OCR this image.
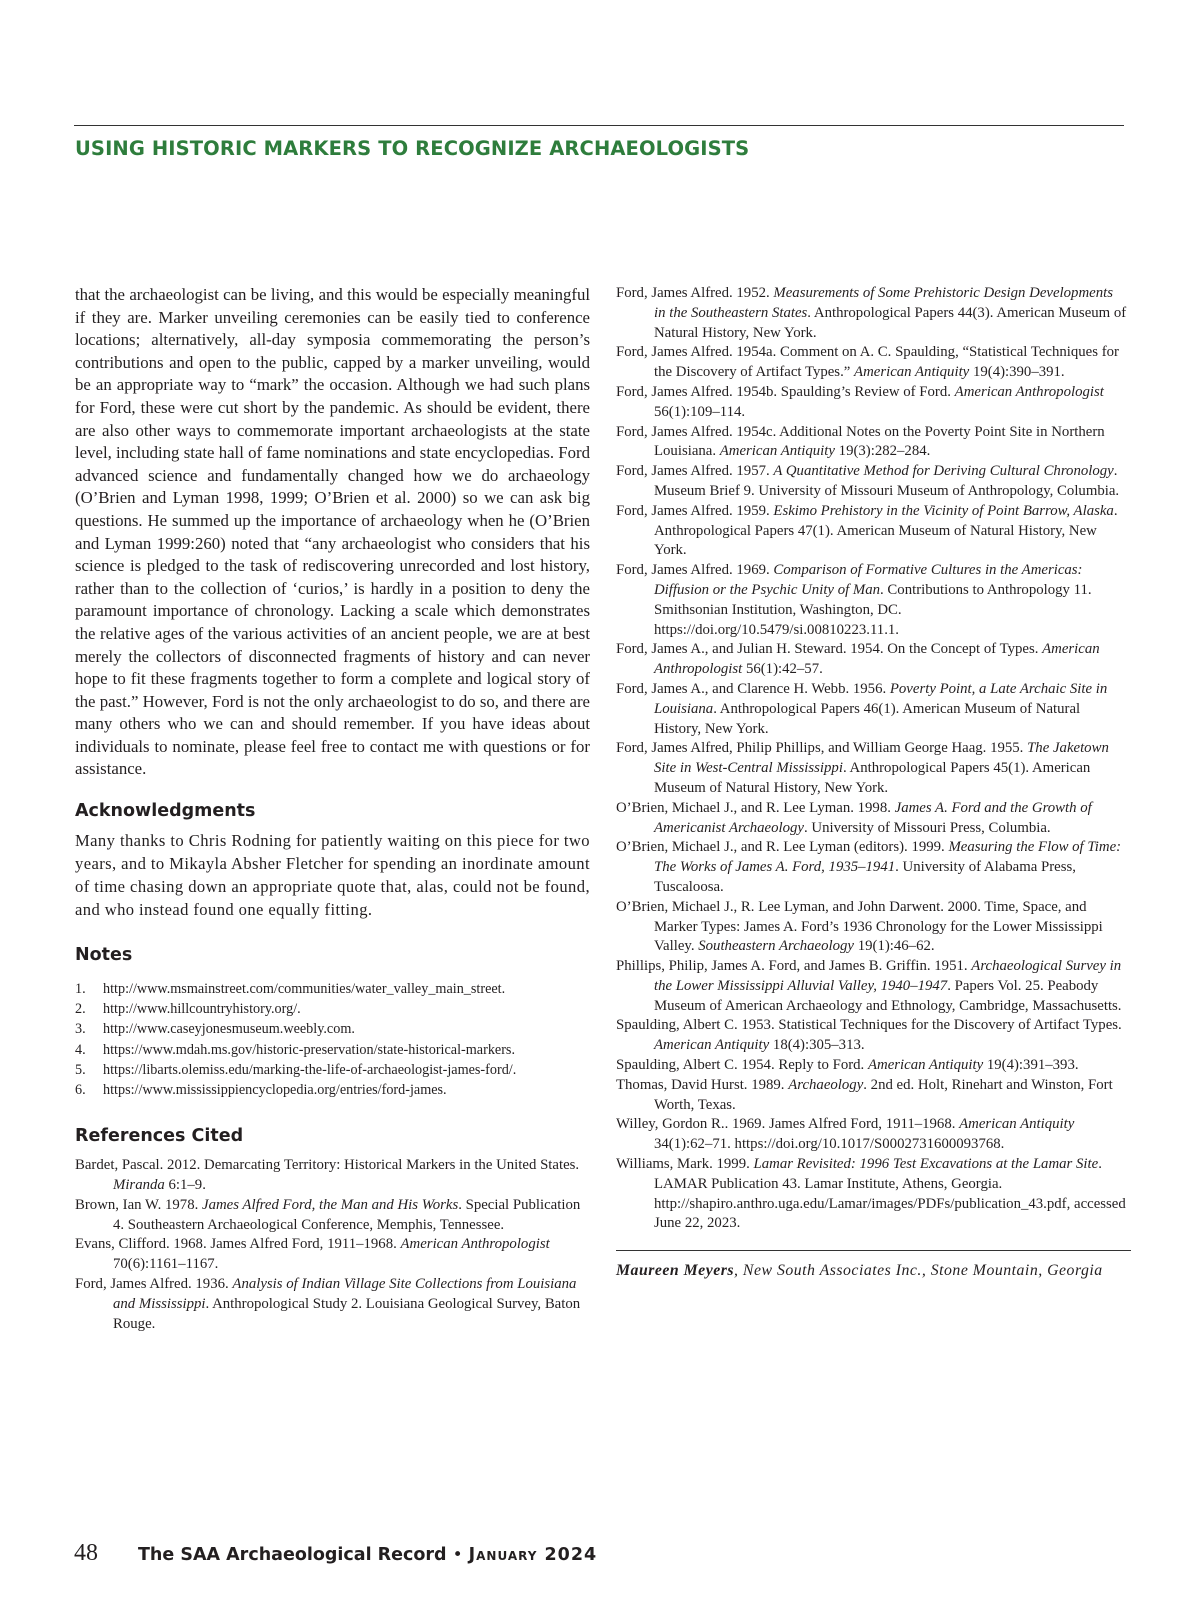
USING HISTORIC MARKERS TO RECOGNIZE ARCHAEOLOGISTS

that the archaeologist can be living, and this would be especially meaningful if they are. Marker unveiling ceremonies can be easily tied to conference locations; alternatively, all-day symposia commemorating the person’s contributions and open to the public, capped by a marker unveiling, would be an appropriate way to “mark” the occasion. Although we had such plans for Ford, these were cut short by the pandemic. As should be evident, there are also other ways to commemorate important archaeologists at the state level, including state hall of fame nominations and state encyclopedias. Ford advanced science and fundamentally changed how we do archaeology (O’Brien and Lyman 1998, 1999; O’Brien et al. 2000) so we can ask big questions. He summed up the importance of archaeology when he (O’Brien and Lyman 1999:260) noted that “any archaeologist who considers that his science is pledged to the task of rediscovering unrecorded and lost history, rather than to the collection of ‘curios,’ is hardly in a position to deny the paramount importance of chronology. Lacking a scale which demonstrates the relative ages of the various activities of an ancient people, we are at best merely the collectors of disconnected fragments of history and can never hope to fit these fragments together to form a complete and logical story of the past.” However, Ford is not the only archaeologist to do so, and there are many others who we can and should remember. If you have ideas about individuals to nominate, please feel free to contact me with questions or for assistance.

Acknowledgments

Many thanks to Chris Rodning for patiently waiting on this piece for two years, and to Mikayla Absher Fletcher for spending an inordinate amount of time chasing down an appropriate quote that, alas, could not be found, and who instead found one equally fitting.

Notes
1. http://www.msmainstreet.com/communities/water_valley_main_street.
2. http://www.hillcountryhistory.org/.
3. http://www.caseyjonesmuseum.weebly.com.
4. https://www.mdah.ms.gov/historic-preservation/state-historical-markers.
5. https://libarts.olemiss.edu/marking-the-life-of-archaeologist-james-ford/.
6. https://www.mississippiencyclopedia.org/entries/ford-james.
References Cited
Bardet, Pascal. 2012. Demarcating Territory: Historical Markers in the United States. Miranda 6:1–9.
Brown, Ian W. 1978. James Alfred Ford, the Man and His Works. Special Publication 4. Southeastern Archaeological Conference, Memphis, Tennessee.
Evans, Clifford. 1968. James Alfred Ford, 1911–1968. American Anthropologist 70(6):1161–1167.
Ford, James Alfred. 1936. Analysis of Indian Village Site Collections from Louisiana and Mississippi. Anthropological Study 2. Louisiana Geological Survey, Baton Rouge.
Ford, James Alfred. 1952. Measurements of Some Prehistoric Design Developments in the Southeastern States. Anthropological Papers 44(3). American Museum of Natural History, New York.
Ford, James Alfred. 1954a. Comment on A. C. Spaulding, “Statistical Techniques for the Discovery of Artifact Types.” American Antiquity 19(4):390–391.
Ford, James Alfred. 1954b. Spaulding’s Review of Ford. American Anthropologist 56(1):109–114.
Ford, James Alfred. 1954c. Additional Notes on the Poverty Point Site in Northern Louisiana. American Antiquity 19(3):282–284.
Ford, James Alfred. 1957. A Quantitative Method for Deriving Cultural Chronology. Museum Brief 9. University of Missouri Museum of Anthropology, Columbia.
Ford, James Alfred. 1959. Eskimo Prehistory in the Vicinity of Point Barrow, Alaska. Anthropological Papers 47(1). American Museum of Natural History, New York.
Ford, James Alfred. 1969. Comparison of Formative Cultures in the Americas: Diffusion or the Psychic Unity of Man. Contributions to Anthropology 11. Smithsonian Institution, Washington, DC. https://doi.org/10.5479/si.00810223.11.1.
Ford, James A., and Julian H. Steward. 1954. On the Concept of Types. American Anthropologist 56(1):42–57.
Ford, James A., and Clarence H. Webb. 1956. Poverty Point, a Late Archaic Site in Louisiana. Anthropological Papers 46(1). American Museum of Natural History, New York.
Ford, James Alfred, Philip Phillips, and William George Haag. 1955. The Jaketown Site in West-Central Mississippi. Anthropological Papers 45(1). American Museum of Natural History, New York.
O’Brien, Michael J., and R. Lee Lyman. 1998. James A. Ford and the Growth of Americanist Archaeology. University of Missouri Press, Columbia.
O’Brien, Michael J., and R. Lee Lyman (editors). 1999. Measuring the Flow of Time: The Works of James A. Ford, 1935–1941. University of Alabama Press, Tuscaloosa.
O’Brien, Michael J., R. Lee Lyman, and John Darwent. 2000. Time, Space, and Marker Types: James A. Ford’s 1936 Chronology for the Lower Mississippi Valley. Southeastern Archaeology 19(1):46–62.
Phillips, Philip, James A. Ford, and James B. Griffin. 1951. Archaeological Survey in the Lower Mississippi Alluvial Valley, 1940–1947. Papers Vol. 25. Peabody Museum of American Archaeology and Ethnology, Cambridge, Massachusetts.
Spaulding, Albert C. 1953. Statistical Techniques for the Discovery of Artifact Types. American Antiquity 18(4):305–313.
Spaulding, Albert C. 1954. Reply to Ford. American Antiquity 19(4):391–393.
Thomas, David Hurst. 1989. Archaeology. 2nd ed. Holt, Rinehart and Winston, Fort Worth, Texas.
Willey, Gordon R.. 1969. James Alfred Ford, 1911–1968. American Antiquity 34(1):62–71. https://doi.org/10.1017/S0002731600093768.
Williams, Mark. 1999. Lamar Revisited: 1996 Test Excavations at the Lamar Site. LAMAR Publication 43. Lamar Institute, Athens, Georgia. http://shapiro.anthro.uga.edu/Lamar/images/PDFs/publication_43.pdf, accessed June 22, 2023.

Maureen Meyers, New South Associates Inc., Stone Mountain, Georgia

48 The SAA Archaeological Record • January 2024
